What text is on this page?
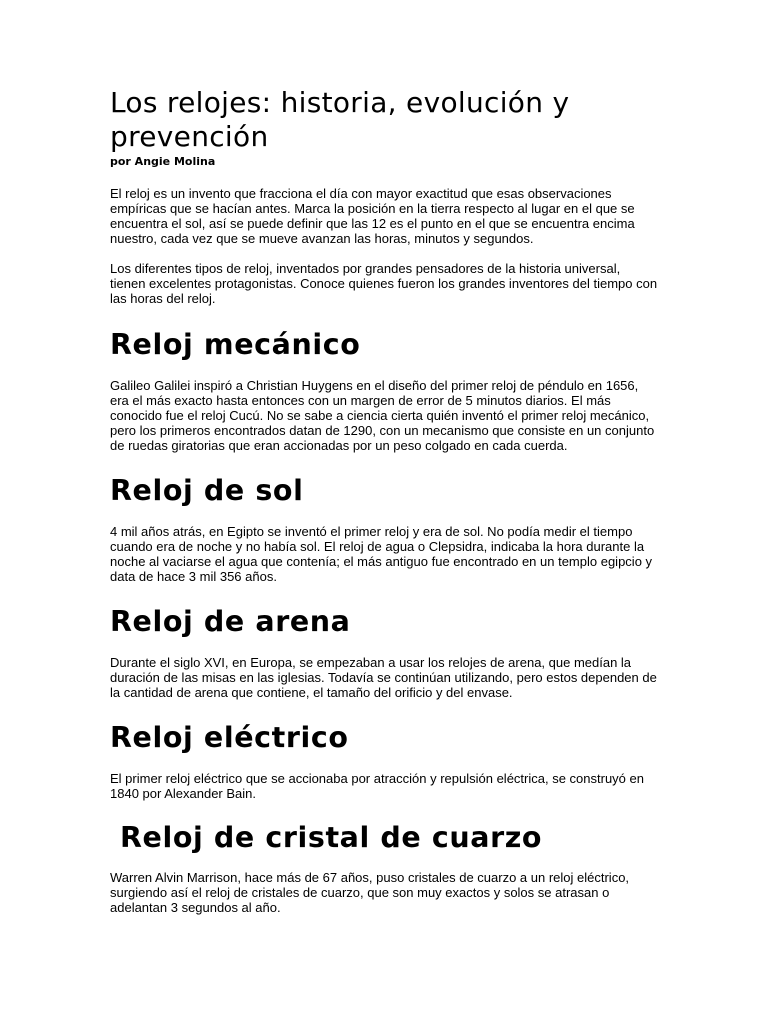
Los relojes: historia, evolución y prevención

por Angie Molina

El reloj es un invento que fracciona el día con mayor exactitud que esas observaciones empíricas que se hacían antes. Marca la posición en la tierra respecto al lugar en el que se encuentra el sol, así se puede definir que las 12 es el punto en el que se encuentra encima nuestro, cada vez que se mueve avanzan las horas, minutos y segundos.

Los diferentes tipos de reloj, inventados por grandes pensadores de la historia universal, tienen excelentes protagonistas. Conoce quienes fueron los grandes inventores del tiempo con las horas del reloj.

Reloj mecánico

Galileo Galilei inspiró a Christian Huygens en el diseño del primer reloj de péndulo en 1656, era el más exacto hasta entonces con un margen de error de 5 minutos diarios. El más conocido fue el reloj Cucú. No se sabe a ciencia cierta quién inventó el primer reloj mecánico, pero los primeros encontrados datan de 1290, con un mecanismo que consiste en un conjunto de ruedas giratorias que eran accionadas por un peso colgado en cada cuerda.

Reloj de sol

4 mil años atrás, en Egipto se inventó el primer reloj y era de sol. No podía medir el tiempo cuando era de noche y no había sol. El reloj de agua o Clepsidra, indicaba la hora durante la noche al vaciarse el agua que contenía; el más antiguo fue encontrado en un templo egipcio y data de hace 3 mil 356 años.

Reloj de arena

Durante el siglo XVI, en Europa, se empezaban a usar los relojes de arena, que medían la duración de las misas en las iglesias. Todavía se continúan utilizando, pero estos dependen de la cantidad de arena que contiene, el tamaño del orificio y del envase.

Reloj eléctrico

El primer reloj eléctrico que se accionaba por atracción y repulsión eléctrica, se construyó en 1840 por Alexander Bain.

Reloj de cristal de cuarzo

Warren Alvin Marrison, hace más de 67 años, puso cristales de cuarzo a un reloj eléctrico, surgiendo así el reloj de cristales de cuarzo, que son muy exactos y solos se atrasan o adelantan 3 segundos al año.
